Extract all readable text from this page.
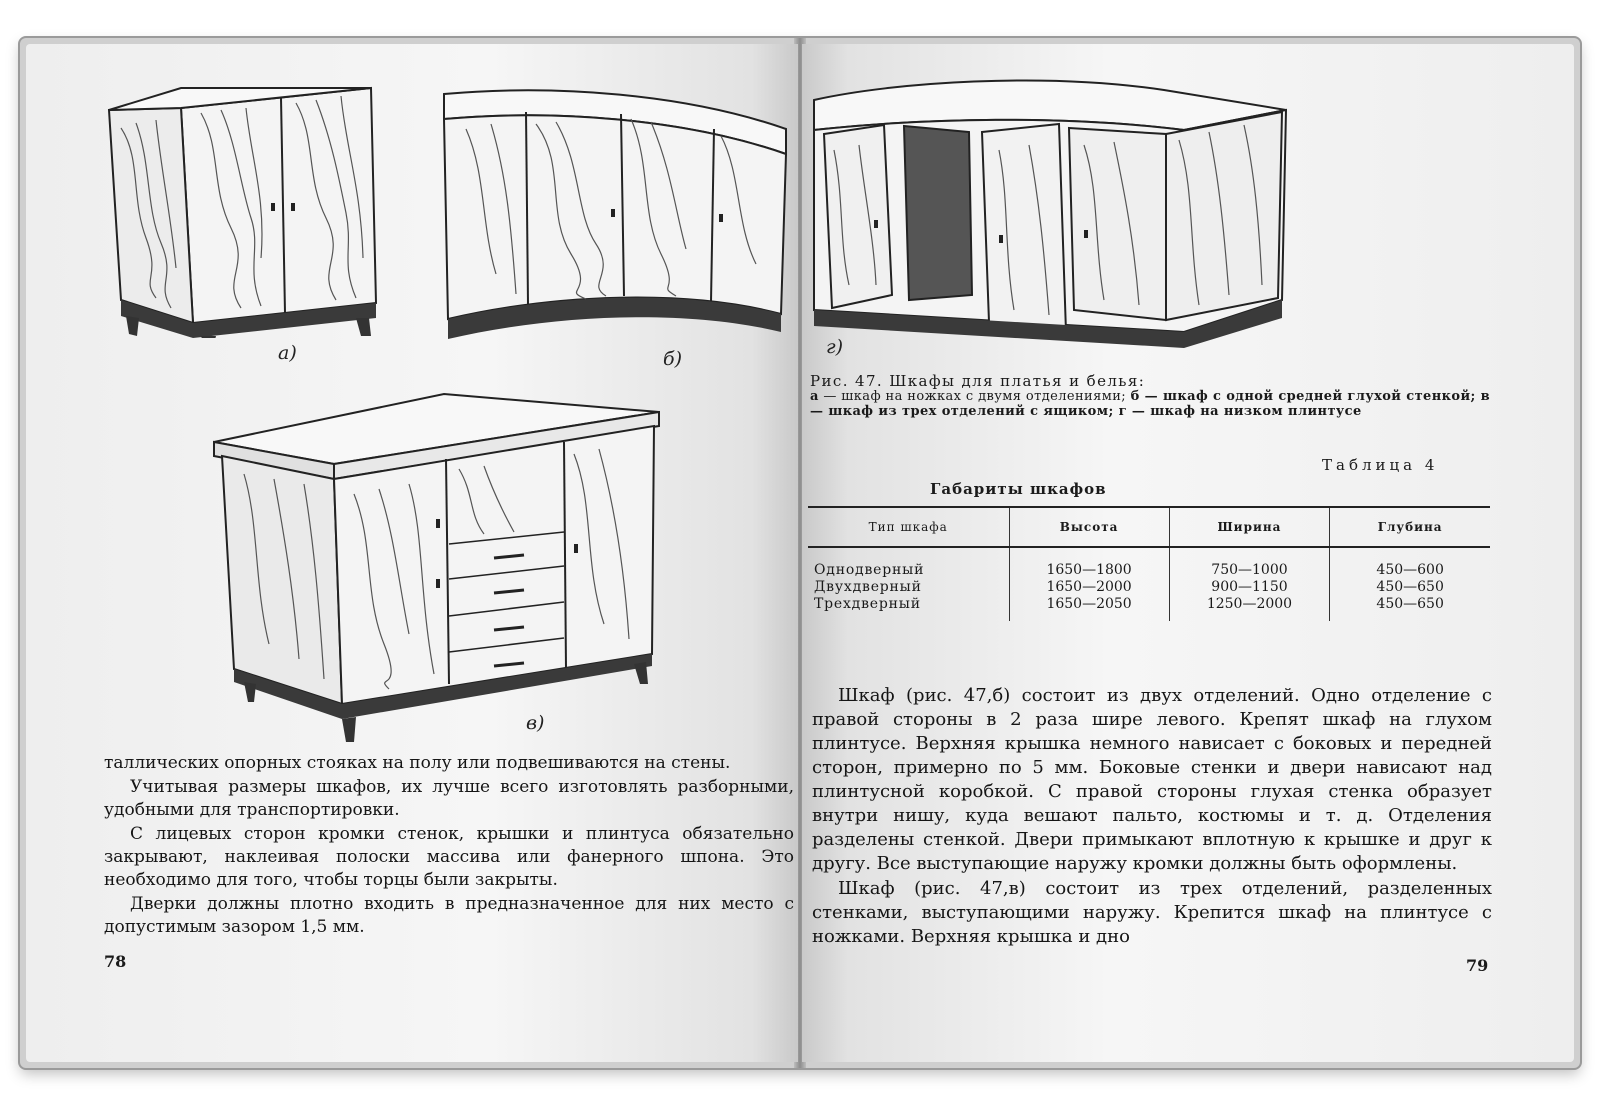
а)	б)
в)

таллических опорных стояках на полу или подвешиваются на стены.

Учитывая размеры шкафов, их лучше всего изготовлять разборными, удобными для транспортировки.

С лицевых сторон кромки стенок, крышки и плинтуса обязательно закрывают, наклеивая полоски массива или фанерного шпона. Это необходимо для того, чтобы торцы были закрыты.

Дверки должны плотно входить в предназначенное для них место с допустимым зазором 1,5 мм.

78
г)
Рис. 47. Шкафы для платья и белья:
а — шкаф на ножках с двумя отделениями; б — шкаф с одной средней глухой стенкой; в — шкаф из трех отделений с ящиком; г — шкаф на низком плинтусе
Таблица 4
Габариты шкафов
Тип шкафа	Высота	Ширина	Глубина
Однодверный	1650—1800	750—1000	450—600
Двухдверный	1650—2000	900—1150	450—650
Трехдверный	1650—2050	1250—2000	450—650

Шкаф (рис. 47,б) состоит из двух отделений. Одно отделение с правой стороны в 2 раза шире левого. Крепят шкаф на глухом плинтусе. Верхняя крышка немного нависает с боковых и передней сторон, примерно по 5 мм. Боковые стенки и двери нависают над плинтусной коробкой. С правой стороны глухая стенка образует внутри нишу, куда вешают пальто, костюмы и т. д. Отделения разделены стенкой. Двери примыкают вплотную к крышке и друг к другу. Все выступающие наружу кромки должны быть оформлены.

Шкаф (рис. 47,в) состоит из трех отделений, разделенных стенками, выступающими наружу. Крепится шкаф на плинтусе с ножками. Верхняя крышка и дно

79
